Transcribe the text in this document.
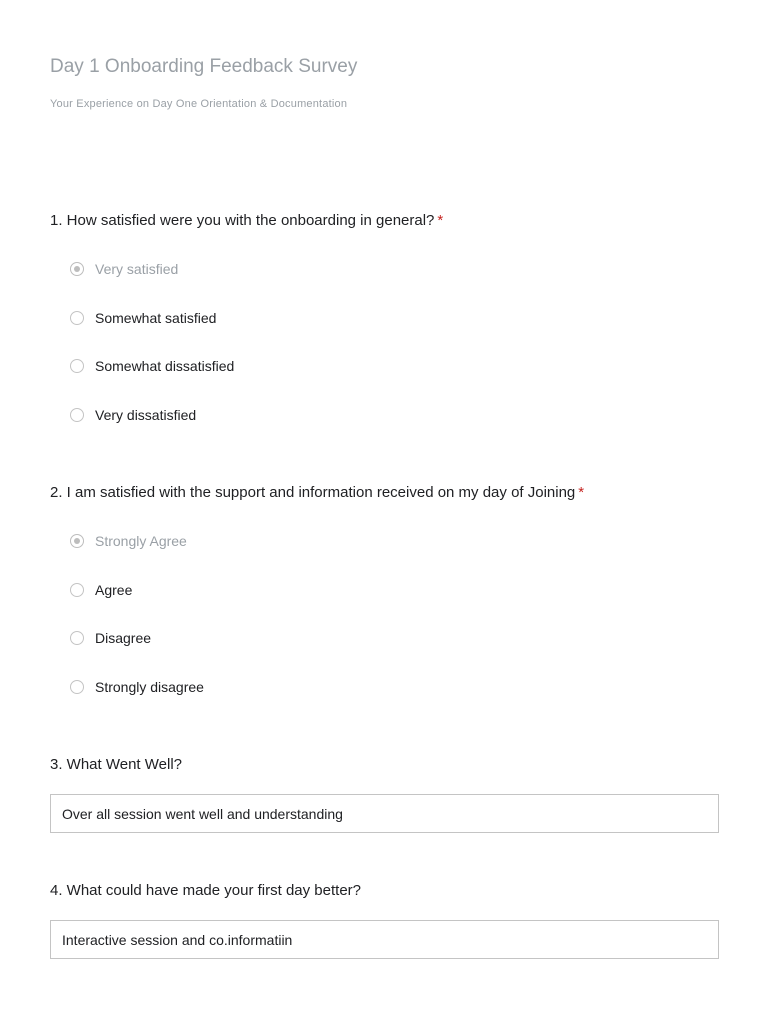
Day 1 Onboarding Feedback Survey
Your Experience on Day One Orientation & Documentation
1. How satisfied were you with the onboarding in general? *
Very satisfied
Somewhat satisfied
Somewhat dissatisfied
Very dissatisfied
2. I am satisfied with the support and information received on my day of Joining *
Strongly Agree
Agree
Disagree
Strongly disagree
3. What Went Well?
Over all session went well and understanding
4. What could have made your first day better?
Interactive session and co.informatiin
